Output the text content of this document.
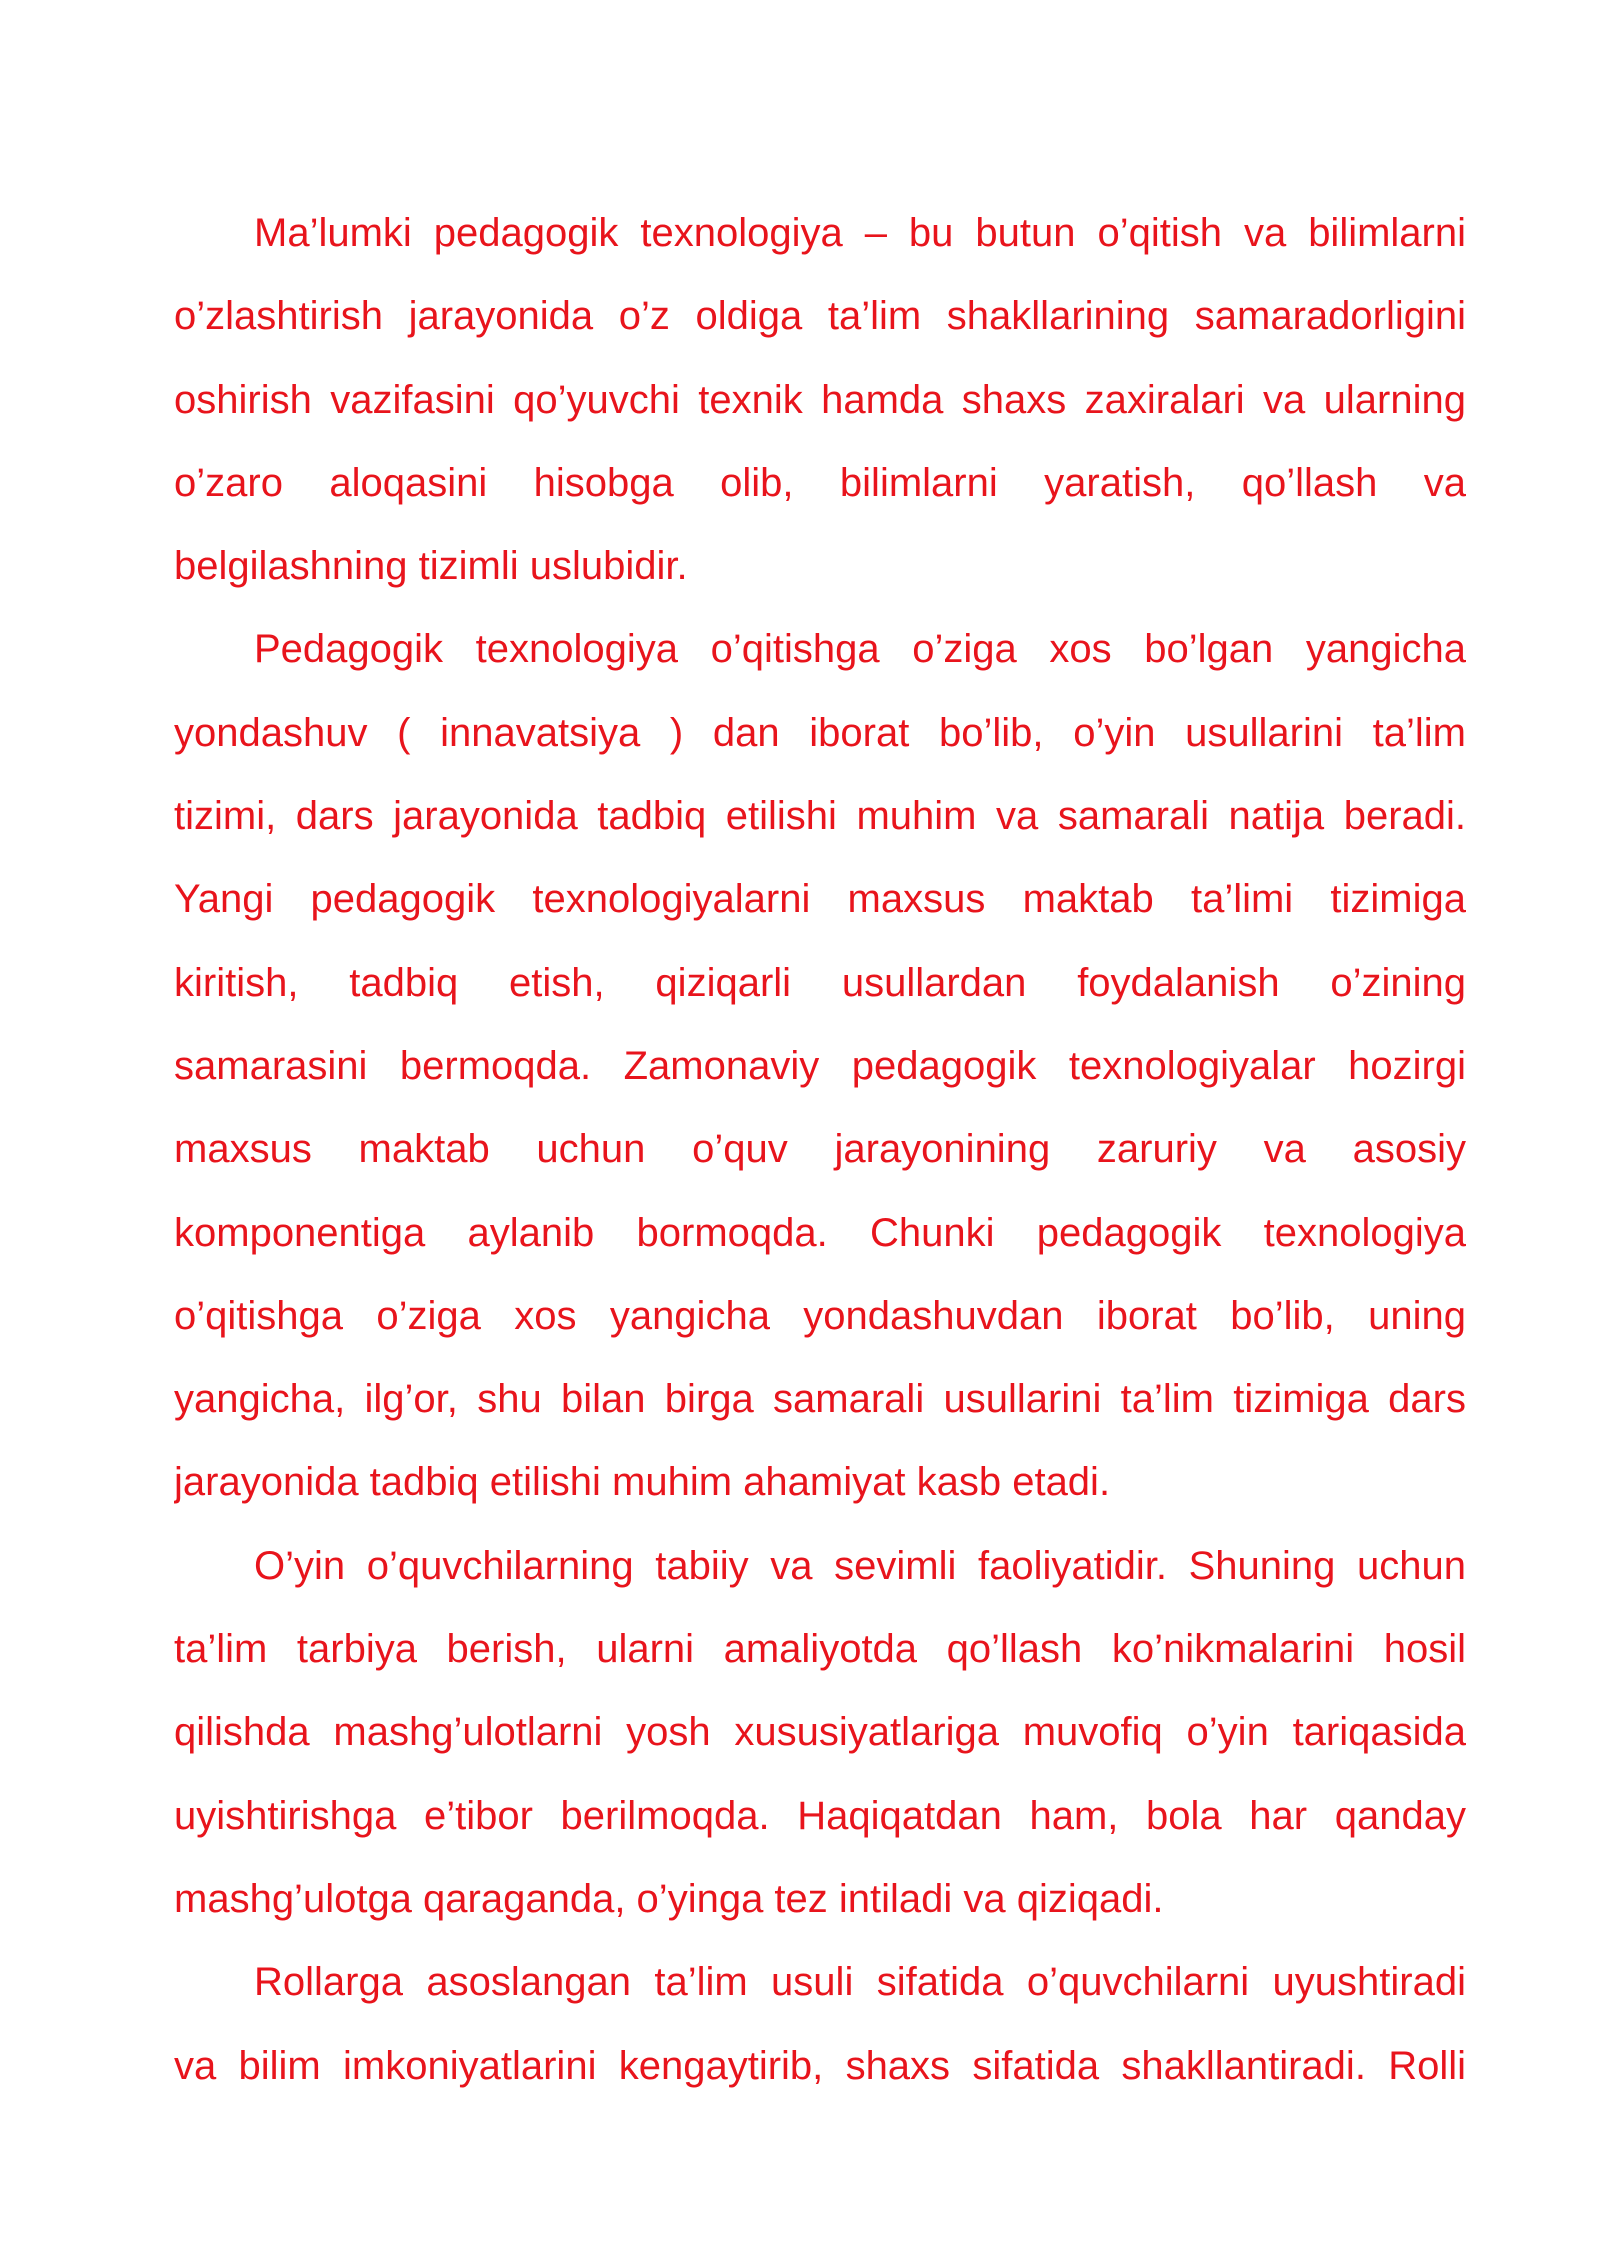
Ma’lumki pedagogik texnologiya – bu butun o’qitish va bilimlarni
o’zlashtirish jarayonida o’z oldiga ta’lim shakllarining samaradorligini
oshirish vazifasini qo’yuvchi texnik hamda shaxs zaxiralari va ularning
o’zaro aloqasini hisobga olib, bilimlarni yaratish, qo’llash va
belgilashning tizimli uslubidir.
Pedagogik texnologiya o’qitishga o’ziga xos bo’lgan yangicha
yondashuv ( innavatsiya ) dan iborat bo’lib, o’yin usullarini ta’lim
tizimi, dars jarayonida tadbiq etilishi muhim va samarali natija beradi.
Yangi pedagogik texnologiyalarni maxsus maktab ta’limi tizimiga
kiritish, tadbiq etish, qiziqarli usullardan foydalanish o’zining
samarasini bermoqda. Zamonaviy pedagogik texnologiyalar hozirgi
maxsus maktab uchun o’quv jarayonining zaruriy va asosiy
komponentiga aylanib bormoqda. Chunki pedagogik texnologiya
o’qitishga o’ziga xos yangicha yondashuvdan iborat bo’lib, uning
yangicha, ilg’or, shu bilan birga samarali usullarini ta’lim tizimiga dars
jarayonida tadbiq etilishi muhim ahamiyat kasb etadi.
O’yin o’quvchilarning tabiiy va sevimli faoliyatidir. Shuning uchun
ta’lim tarbiya berish, ularni amaliyotda qo’llash ko’nikmalarini hosil
qilishda mashg’ulotlarni yosh xususiyatlariga muvofiq o’yin tariqasida
uyishtirishga e’tibor berilmoqda. Haqiqatdan ham, bola har qanday
mashg’ulotga qaraganda, o’yinga tez intiladi va qiziqadi.
Rollarga asoslangan ta’lim usuli sifatida o’quvchilarni uyushtiradi
va bilim imkoniyatlarini kengaytirib, shaxs sifatida shakllantiradi. Rolli
